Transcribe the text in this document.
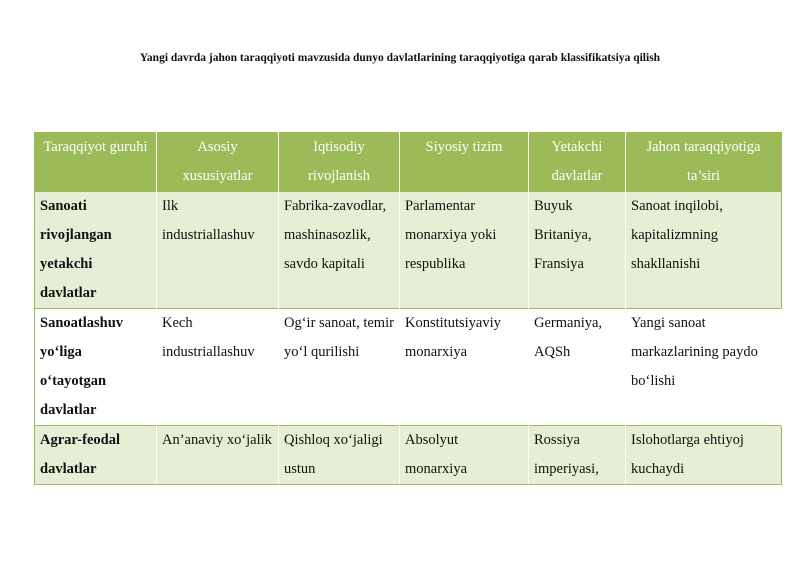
Yangi davrda jahon taraqqiyoti mavzusida dunyo davlatlarining taraqqiyotiga qarab klassifikatsiya qilish
Taraqqiyot guruhi	Asosiy xususiyatlar	Iqtisodiy rivojlanish	Siyosiy tizim	Yetakchi davlatlar	Jahon taraqqiyotiga ta’siri
Sanoati rivojlangan yetakchi davlatlar	Ilk industriallashuv	Fabrika-zavodlar, mashinasozlik, savdo kapitali	Parlamentar monarxiya yoki respublika	Buyuk Britaniya, Fransiya	Sanoat inqilobi, kapitalizmning shakllanishi
Sanoatlashuv yo‘liga o‘tayotgan davlatlar	Kech industriallashuv	Og‘ir sanoat, temir yo‘l qurilishi	Konstitutsiyaviy monarxiya	Germaniya, AQSh	Yangi sanoat markazlarining paydo bo‘lishi
Agrar-feodal davlatlar	An’anaviy xo‘jalik	Qishloq xo‘jaligi ustun	Absolyut monarxiya	Rossiya imperiyasi,	Islohotlarga ehtiyoj kuchaydi
